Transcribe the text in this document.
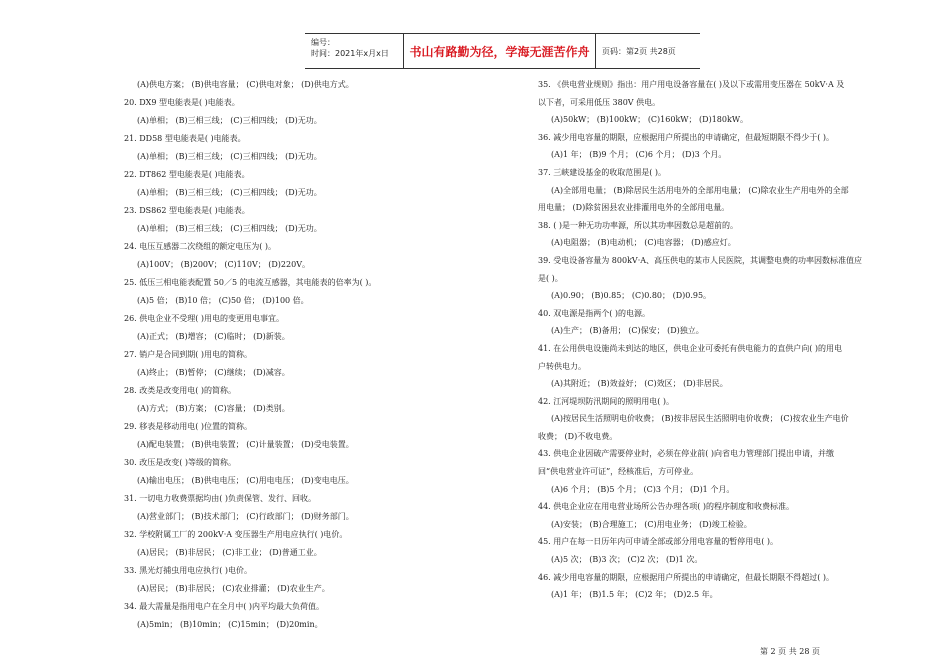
编号：
时间：2021年x月x日	书山有路勤为径，学海无涯苦作舟	页码：第2页 共28页
(A)供电方案； (B)供电容量； (C)供电对象； (D)供电方式。
20. DX9 型电能表是( )电能表。
(A)单相； (B)三相三线； (C)三相四线； (D)无功。
21. DD58 型电能表是( )电能表。
(A)单相； (B)三相三线； (C)三相四线； (D)无功。
22. DT862 型电能表是( )电能表。
(A)单相； (B)三相三线； (C)三相四线； (D)无功。
23. DS862 型电能表是( )电能表。
(A)单相； (B)三相三线； (C)三相四线； (D)无功。
24. 电压互感器二次绕组的额定电压为( )。
(A)100V； (B)200V； (C)110V； (D)220V。
25. 低压三相电能表配置 50／5 的电流互感器，其电能表的倍率为( )。
(A)5 倍； (B)10 倍； (C)50 倍； (D)100 倍。
26. 供电企业不受理( )用电的变更用电事宜。
(A)正式； (B)增容； (C)临时； (D)新装。
27. 销户是合同到期( )用电的简称。
(A)终止； (B)暂停； (C)继续； (D)减容。
28. 改类是改变用电( )的简称。
(A)方式； (B)方案； (C)容量； (D)类别。
29. 移表是移动用电( )位置的简称。
(A)配电装置； (B)供电装置； (C)计量装置； (D)受电装置。
30. 改压是改变( )等级的简称。
(A)输出电压； (B)供电电压； (C)用电电压； (D)变电电压。
31. 一切电力收费票据均由( )负责保管、发行、回收。
(A)营业部门； (B)技术部门； (C)行政部门； (D)财务部门。
32. 学校附属工厂的 200kV·A 变压器生产用电应执行( )电价。
(A)居民； (B)非居民； (C)非工业； (D)普通工业。
33. 黑光灯捕虫用电应执行( )电价。
(A)居民； (B)非居民； (C)农业排灌； (D)农业生产。
34. 最大需量是指用电户在全月中( )内平均最大负荷值。
(A)5min； (B)10min； (C)15min； (D)20min。
35. 《供电营业规则》指出：用户用电设备容量在( )及以下或需用变压器在 50kV·A 及
以下者，可采用低压 380V 供电。
(A)50kW； (B)100kW； (C)160kW； (D)180kW。
36. 减少用电容量的期限，应根据用户所提出的申请确定，但最短期限不得少于( )。
(A)1 年； (B)9 个月； (C)6 个月； (D)3 个月。
37. 三峡建设基金的收取范围是( )。
(A)全部用电量； (B)除居民生活用电外的全部用电量； (C)除农业生产用电外的全部
用电量； (D)除贫困县农业排灌用电外的全部用电量。
38. ( )是一种无功功率源，所以其功率因数总是超前的。
(A)电阻器； (B)电动机； (C)电容器； (D)感应灯。
39. 受电设备容量为 800kV·A、高压供电的某市人民医院，其调整电费的功率因数标准值应
是( )。
(A)0.90； (B)0.85； (C)0.80； (D)0.95。
40. 双电源是指两个( )的电源。
(A)生产； (B)备用； (C)保安； (D)独立。
41. 在公用供电设施尚未到达的地区，供电企业可委托有供电能力的直供户向( )的用电
户转供电力。
(A)其附近； (B)效益好； (C)效区； (D)非居民。
42. 江河堤坝防汛期间的照明用电( )。
(A)按居民生活照明电价收费； (B)按非居民生活照明电价收费； (C)按农业生产电价
收费； (D)不收电费。
43. 供电企业因破产需要停业时，必须在停业前( )向省电力管理部门提出申请，并缴
回“供电营业许可证”，经核准后，方可停业。
(A)6 个月； (B)5 个月； (C)3 个月； (D)1 个月。
44. 供电企业应在用电营业场所公告办理各项( )的程序制度和收费标准。
(A)安装； (B)合理施工； (C)用电业务； (D)竣工检验。
45. 用户在每一日历年内可申请全部或部分用电容量的暂停用电( )。
(A)5 次； (B)3 次； (C)2 次； (D)1 次。
46. 减少用电容量的期限，应根据用户所提出的申请确定，但最长期限不得超过( )。
(A)1 年； (B)1.5 年； (C)2 年； (D)2.5 年。
第 2 页 共 28 页
